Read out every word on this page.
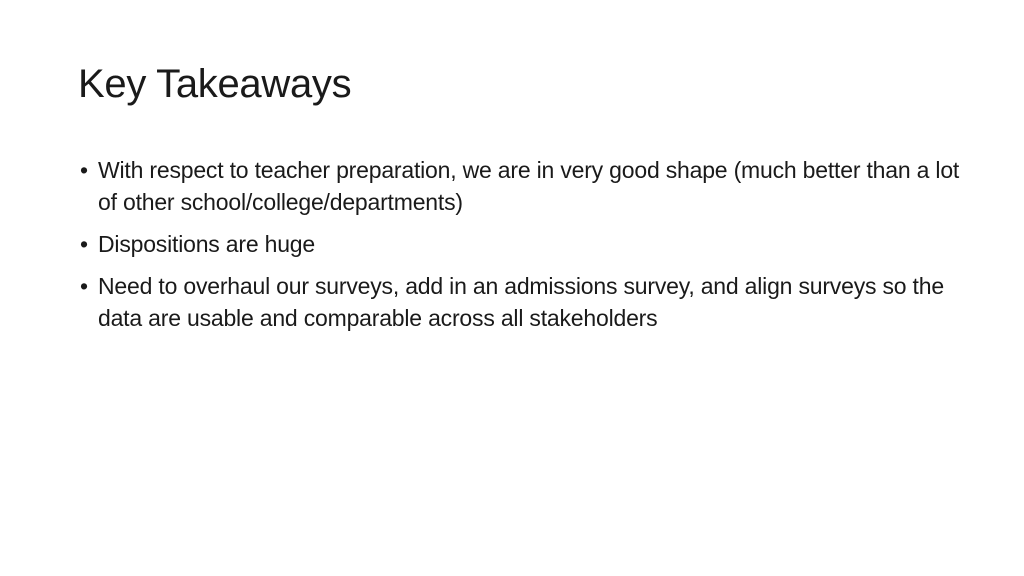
Key Takeaways
• With respect to teacher preparation, we are in very good shape (much better than a lot of other school/college/departments)
• Dispositions are huge
• Need to overhaul our surveys, add in an admissions survey, and align surveys so the data are usable and comparable across all stakeholders
